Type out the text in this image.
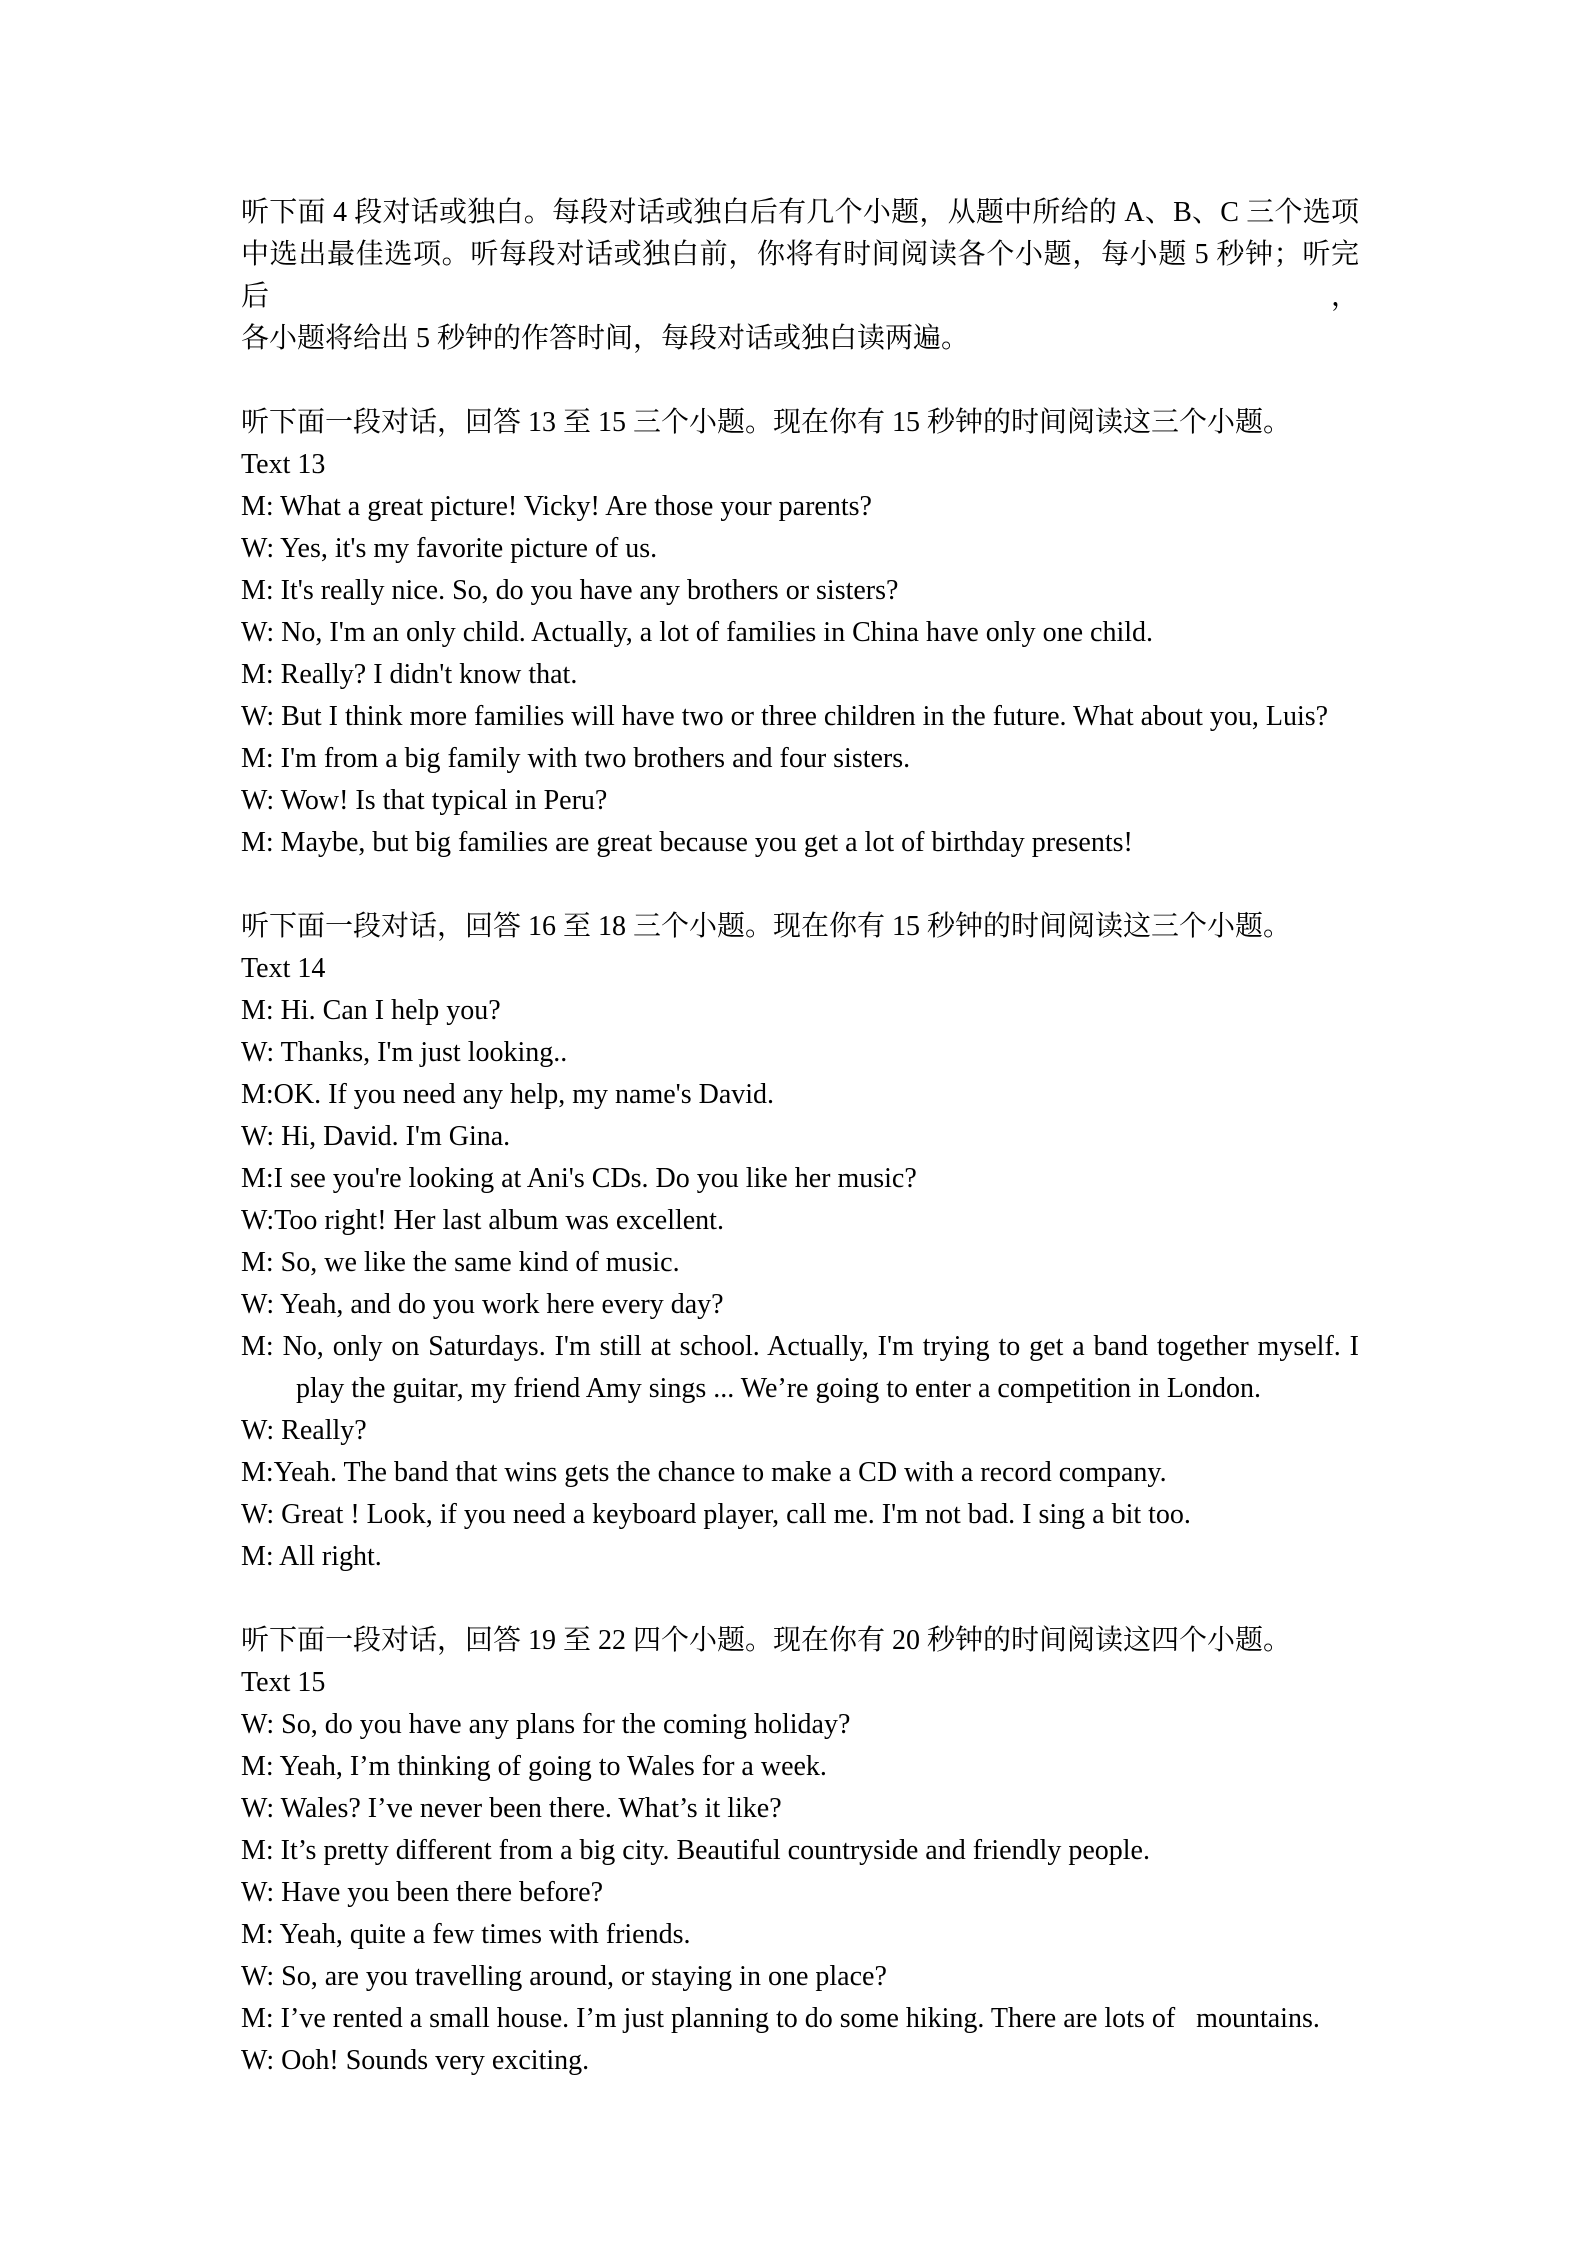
听下面 4 段对话或独白。每段对话或独白后有几个小题，从题中所给的 A、B、C 三个选项

中选出最佳选项。听每段对话或独白前，你将有时间阅读各个小题，每小题 5 秒钟；听完后，

各小题将给出 5 秒钟的作答时间，每段对话或独白读两遍。

听下面一段对话，回答 13 至 15 三个小题。现在你有 15 秒钟的时间阅读这三个小题。

Text 13

M: What a great picture! Vicky! Are those your parents?

W: Yes, it's my favorite picture of us.

M: It's really nice. So, do you have any brothers or sisters?

W: No, I'm an only child. Actually, a lot of families in China have only one child.

M: Really? I didn't know that.

W: But I think more families will have two or three children in the future. What about you, Luis?

M: I'm from a big family with two brothers and four sisters.

W: Wow! Is that typical in Peru?

M: Maybe, but big families are great because you get a lot of birthday presents!

听下面一段对话，回答 16 至 18 三个小题。现在你有 15 秒钟的时间阅读这三个小题。

Text 14

M: Hi. Can I help you?

W: Thanks, I'm just looking..

M:OK. If you need any help, my name's David.

W: Hi, David. I'm Gina.

M:I see you're looking at Ani's CDs. Do you like her music?

W:Too right! Her last album was excellent.

M: So, we like the same kind of music.

W: Yeah, and do you work here every day?

M: No, only on Saturdays. I'm still at school. Actually, I'm trying to get a band together myself. I play the guitar, my friend Amy sings ... We’re going to enter a competition in London.

W: Really?

M:Yeah. The band that wins gets the chance to make a CD with a record company.

W: Great ! Look, if you need a keyboard player, call me. I'm not bad. I sing a bit too.

M: All right.

听下面一段对话，回答 19 至 22 四个小题。现在你有 20 秒钟的时间阅读这四个小题。

Text 15

W: So, do you have any plans for the coming holiday?

M: Yeah, I’m thinking of going to Wales for a week.

W: Wales? I’ve never been there. What’s it like?

M: It’s pretty different from a big city. Beautiful countryside and friendly people.

W: Have you been there before?

M: Yeah, quite a few times with friends.

W: So, are you travelling around, or staying in one place?

M: I’ve rented a small house. I’m just planning to do some hiking. There are lots of   mountains.

W: Ooh! Sounds very exciting.
